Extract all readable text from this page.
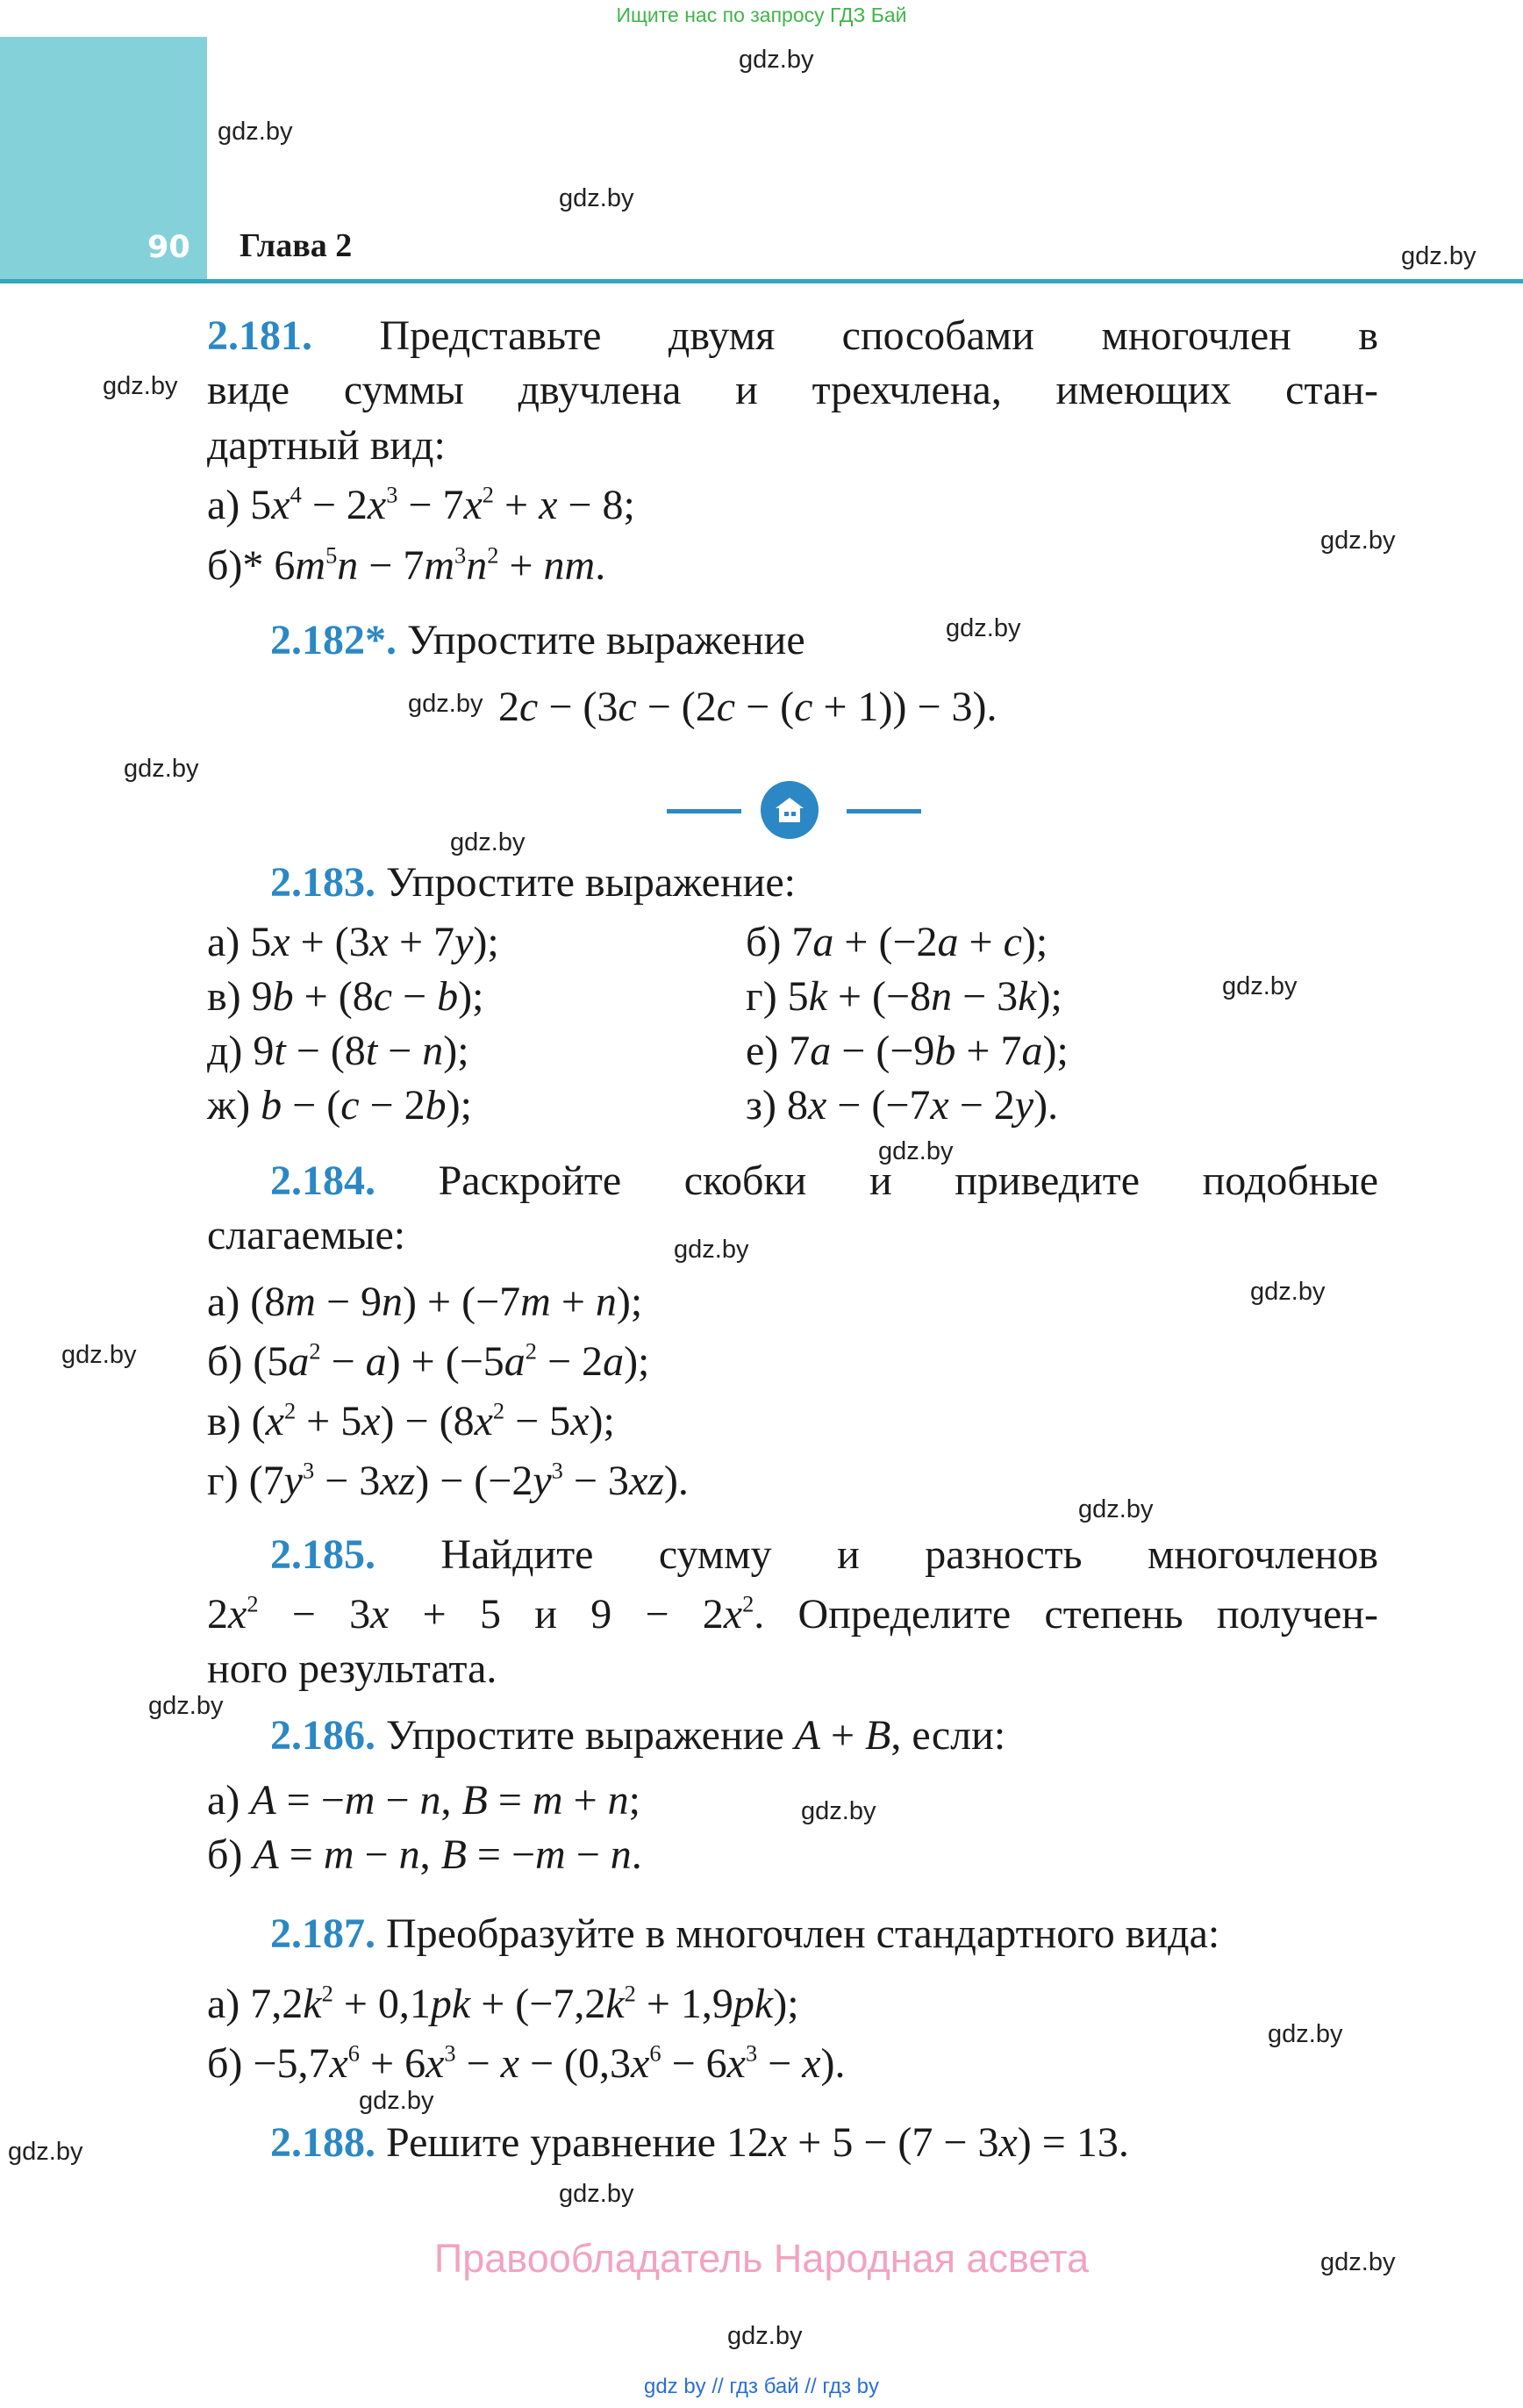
Ищите нас по запросу ГДЗ Бай
90 Глава 2
gdz.by
gdz.by
gdz.by
gdz.by
gdz.by
gdz.by
gdz.by
gdz.by
gdz.by
gdz.by
gdz.by
gdz.by
gdz.by
gdz.by
gdz.by
gdz.by
gdz.by
gdz.by
gdz.by
gdz.by
gdz.by
gdz.by
gdz.by
2.181. Представьте двумя способами многочлен в
виде суммы двучлена и трехчлена, имеющих стан-
дартный вид:
а) $5x^4 - 2x^3 - 7x^2 + x - 8$;
б)* $6m^5n - 7m^3n^2$ + nm.
2.182*. Упростите выражение
2c − (3c − (2c − (c + 1)) − 3).
2.183. Упростите выражение:
а) 5x + (3x + 7y);	б) 7a + (−2a + c);
в) 9b + (8c − b);	г) 5k + (−8n − 3k);
д) 9t − (8t − n);	е) 7a − (−9b + 7a);
ж) b − (c − 2b);	з) 8x − (−7x − 2y).
2.184. Раскройте скобки и приведите подобные
слагаемые:
а) (8m − 9n) + (−7m + n);
б) $(5a^2 - a) + (-5a^2 - 2a)$;
в) $(x^2 + 5x) - (8x^2 - 5x)$;
г) $(7y^3 - 3xz) - (-2y^3 - 3xz)$.
2.185. Найдите сумму и разность многочленов
$2x^2 - 3x + 5$ и $9 - 2x^2$. Определите степень получен-
ного результата.
2.186. Упростите выражение A + B, если:
а) A = −m − n, B = m + n;
б) A = m − n, B = −m − n.
2.187. Преобразуйте в многочлен стандартного вида:
а) $7,2k^2 + 0,1pk + (-7,2k^2 + 1,9pk)$;
$б) -5,7x^6 + 6x^3 - x - (0,3x^6 - 6x^3 - x)$.
2.188. Решите уравнение 12x + 5 − (7 − 3x) = 13.
Правообладатель Народная асвета
gdz.by
gdz by // гдз бай // гдз by
